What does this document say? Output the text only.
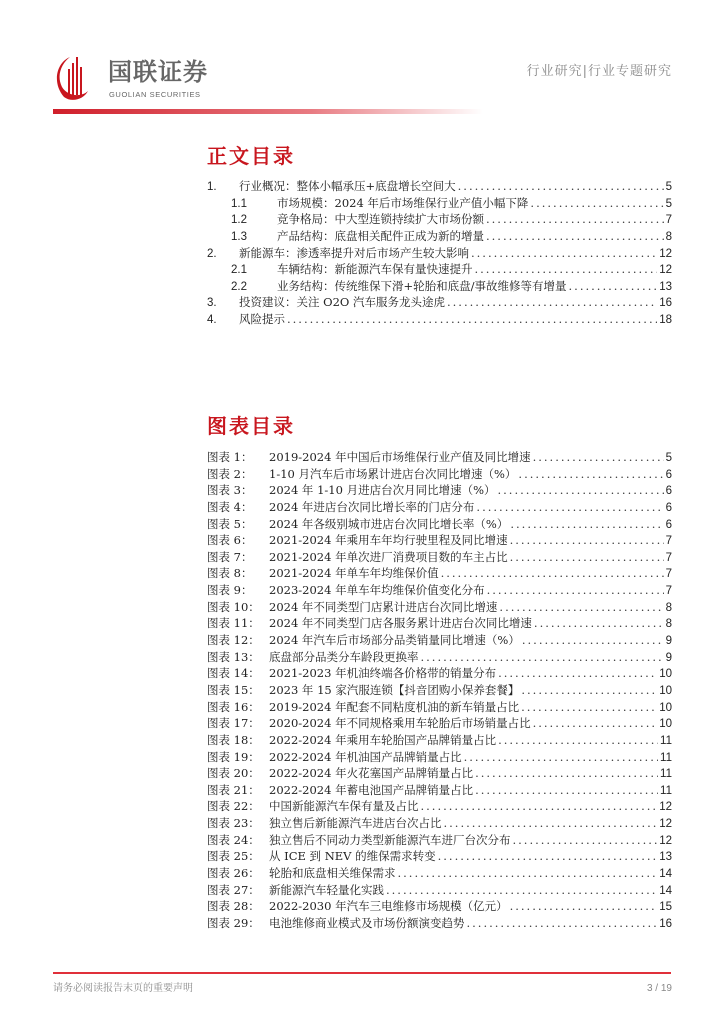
国联证券
GUOLIAN SECURITIES
行业研究|行业专题研究
正文目录
1.	行业概况：整体小幅承压+底盘增长空间大 .....	5
1.1	市场规模：2024 年后市场维保行业产值小幅下降 .....	5
1.2	竞争格局：中大型连锁持续扩大市场份额 .....	7
1.3	产品结构：底盘相关配件正成为新的增量 .....	8
2.	新能源车：渗透率提升对后市场产生较大影响 .....	12
2.1	车辆结构：新能源汽车保有量快速提升 .....	12
2.2	业务结构：传统维保下滑+轮胎和底盘/事故维修等有增量 .....	13
3.	投资建议：关注 O2O 汽车服务龙头途虎 .....	16
4.	风险提示 .....	18
图表目录
图表 1：	2019-2024 年中国后市场维保行业产值及同比增速 .....	5
图表 2：	1-10 月汽车后市场累计进店台次同比增速（%） .....	6
图表 3：	2024 年 1-10 月进店台次月同比增速（%） .....	6
图表 4：	2024 年进店台次同比增长率的门店分布 .....	6
图表 5：	2024 年各级别城市进店台次同比增长率（%） .....	6
图表 6：	2021-2024 年乘用车年均行驶里程及同比增速 .....	7
图表 7：	2021-2024 年单次进厂消费项目数的车主占比 .....	7
图表 8：	2021-2024 年单车年均维保价值 .....	7
图表 9：	2023-2024 年单车年均维保价值变化分布 .....	7
图表 10： 2024 年不同类型门店累计进店台次同比增速 .....	8
图表 11： 2024 年不同类型门店各服务累计进店台次同比增速 .....	8
图表 12： 2024 年汽车后市场部分品类销量同比增速（%） .....	9
图表 13： 底盘部分品类分车龄段更换率 .....	9
图表 14： 2021-2023 年机油终端各价格带的销量分布 .....	10
图表 15： 2023 年 15 家汽服连锁【抖音团购小保养套餐】 .....	10
图表 16： 2019-2024 年配套不同粘度机油的新车销量占比 .....	10
图表 17： 2020-2024 年不同规格乘用车轮胎后市场销量占比 .....	10
图表 18： 2022-2024 年乘用车轮胎国产品牌销量占比 .....	11
图表 19： 2022-2024 年机油国产品牌销量占比 .....	11
图表 20： 2022-2024 年火花塞国产品牌销量占比 .....	11
图表 21： 2022-2024 年蓄电池国产品牌销量占比 .....	11
图表 22： 中国新能源汽车保有量及占比 .....	12
图表 23： 独立售后新能源汽车进店台次占比 .....	12
图表 24： 独立售后不同动力类型新能源汽车进厂台次分布 .....	12
图表 25： 从 ICE 到 NEV 的维保需求转变 .....	13
图表 26： 轮胎和底盘相关维保需求 .....	14
图表 27： 新能源汽车轻量化实践 .....	14
图表 28： 2022-2030 年汽车三电维修市场规模（亿元） .....	15
图表 29： 电池维修商业模式及市场份额演变趋势 .....	16
请务必阅读报告末页的重要声明	3 / 19
